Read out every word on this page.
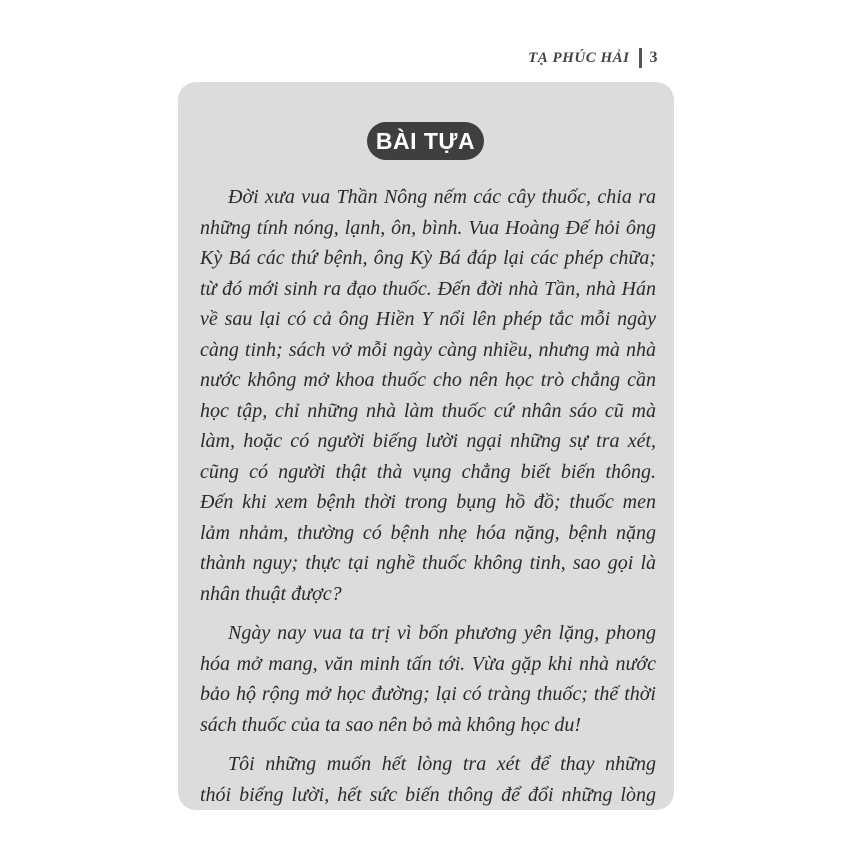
TẠ PHÚC HẢI 3
BÀI TỰA

Đời xưa vua Thần Nông nếm các cây thuốc, chia ra
những tính nóng, lạnh, ôn, bình. Vua Hoàng Đế hỏi ông
Kỳ Bá các thứ bệnh, ông Kỳ Bá đáp lại các phép chữa;
từ đó mới sinh ra đạo thuốc. Đến đời nhà Tần, nhà Hán
về sau lại có cả ông Hiền Y nổi lên phép tắc mỗi ngày
càng tinh; sách vở mỗi ngày càng nhiều, nhưng mà nhà
nước không mở khoa thuốc cho nên học trò chẳng cần
học tập, chỉ những nhà làm thuốc cứ nhân sáo cũ mà
làm, hoặc có người biếng lười ngại những sự tra xét,
cũng có người thật thà vụng chẳng biết biến thông.
Đến khi xem bệnh thời trong bụng hồ đồ; thuốc men
lảm nhảm, thường có bệnh nhẹ hóa nặng, bệnh nặng
thành nguy; thực tại nghề thuốc không tinh, sao gọi là
nhân thuật được?

Ngày nay vua ta trị vì bốn phương yên lặng, phong
hóa mở mang, văn minh tấn tới. Vừa gặp khi nhà nước
bảo hộ rộng mở học đường; lại có tràng thuốc; thế thời
sách thuốc của ta sao nên bỏ mà không học du!

Tôi những muốn hết lòng tra xét để thay những
thói biếng lười, hết sức biến thông để đổi những lòng
